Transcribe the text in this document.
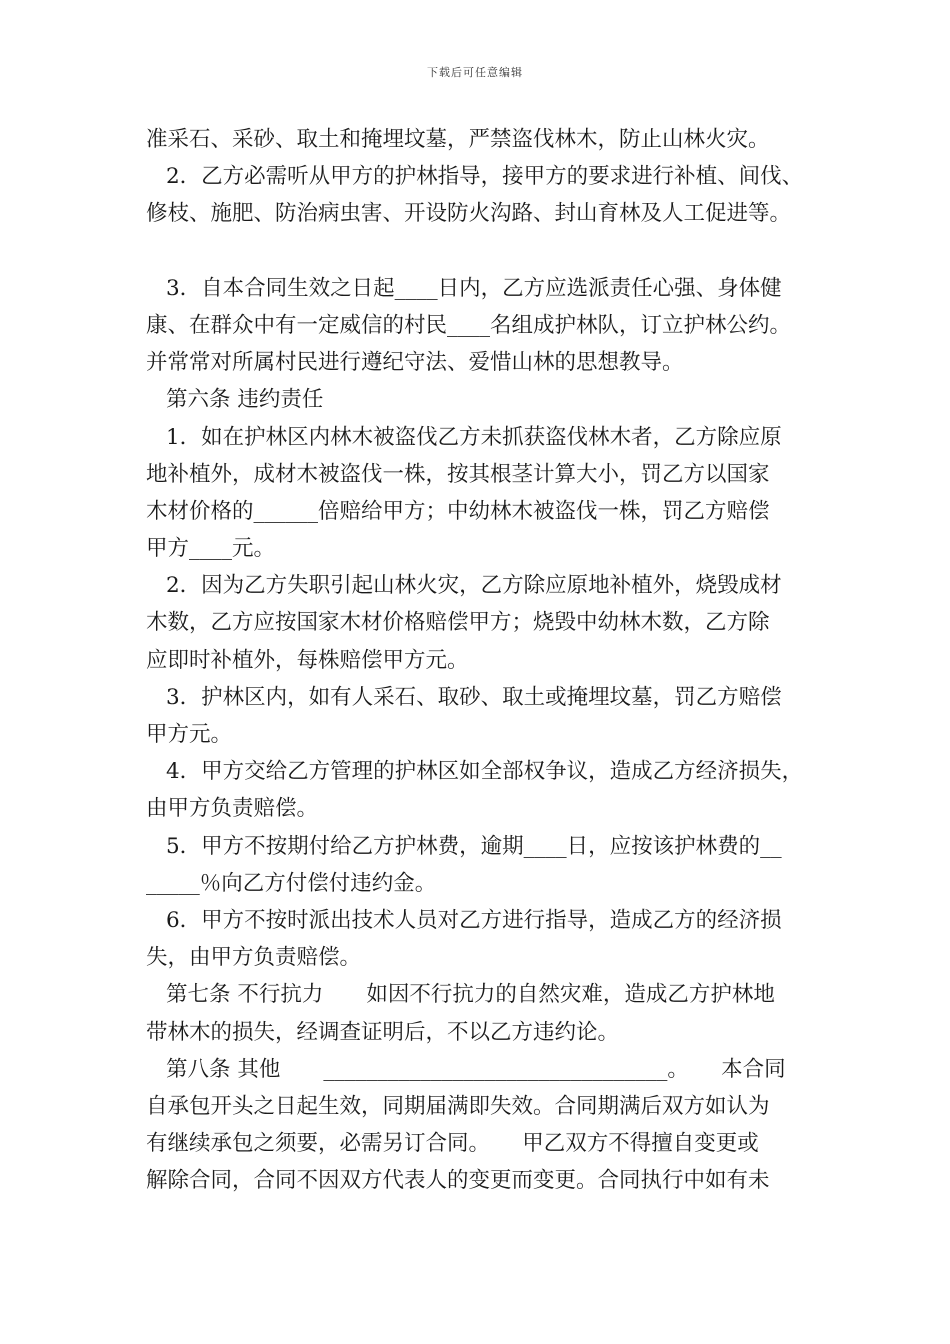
下载后可任意编辑
准采石、采砂、取土和掩埋坟墓，严禁盗伐林木，防止山林火灾。
2．乙方必需听从甲方的护林指导，接甲方的要求进行补植、间伐、
修枝、施肥、防治病虫害、开设防火沟路、封山育林及人工促进等。
3．自本合同生效之日起____日内，乙方应选派责任心强、身体健
康、在群众中有一定威信的村民____名组成护林队，订立护林公约。
并常常对所属村民进行遵纪守法、爱惜山林的思想教导。
第六条 违约责任
1．如在护林区内林木被盗伐乙方未抓获盗伐林木者，乙方除应原
地补植外，成材木被盗伐一株，按其根茎计算大小，罚乙方以国家
木材价格的______倍赔给甲方；中幼林木被盗伐一株，罚乙方赔偿
甲方____元。
2．因为乙方失职引起山林火灾，乙方除应原地补植外，烧毁成材
木数，乙方应按国家木材价格赔偿甲方；烧毁中幼林木数，乙方除
应即时补植外，每株赔偿甲方元。
3．护林区内，如有人采石、取砂、取土或掩埋坟墓，罚乙方赔偿
甲方元。
4．甲方交给乙方管理的护林区如全部权争议，造成乙方经济损失，
由甲方负责赔偿。
5．甲方不按期付给乙方护林费，逾期____日，应按该护林费的__
_____％向乙方付偿付违约金。
6．甲方不按时派出技术人员对乙方进行指导，造成乙方的经济损
失，由甲方负责赔偿。
第七条 不行抗力　　如因不行抗力的自然灾难，造成乙方护林地
带林木的损失，经调查证明后，不以乙方违约论。
第八条 其他　　________________________________。　　本合同
自承包开头之日起生效，同期届满即失效。合同期满后双方如认为
有继续承包之须要，必需另订合同。　　甲乙双方不得擅自变更或
解除合同，合同不因双方代表人的变更而变更。合同执行中如有未
